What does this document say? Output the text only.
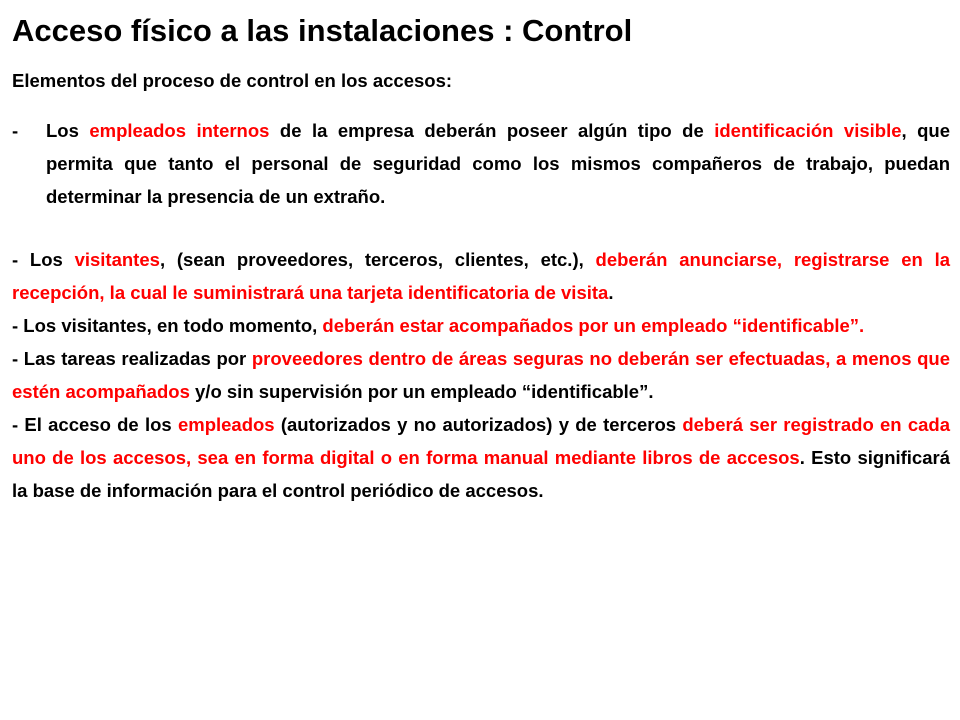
Acceso físico a las instalaciones : Control

Elementos del proceso de control en los accesos:

- Los empleados internos de la empresa deberán poseer algún tipo de identificación visible, que permita que tanto el personal de seguridad como los mismos compañeros de trabajo, puedan determinar la presencia de un extraño.

- Los visitantes, (sean proveedores, terceros, clientes, etc.), deberán anunciarse, registrarse en la recepción, la cual le suministrará una tarjeta identificatoria de visita.

- Los visitantes, en todo momento, deberán estar acompañados por un empleado “identificable”.

- Las tareas realizadas por proveedores dentro de áreas seguras no deberán ser efectuadas, a menos que estén acompañados y/o sin supervisión por un empleado “identificable”.

- El acceso de los empleados (autorizados y no autorizados) y de terceros deberá ser registrado en cada uno de los accesos, sea en forma digital o en forma manual mediante libros de accesos. Esto significará la base de información para el control periódico de accesos.
